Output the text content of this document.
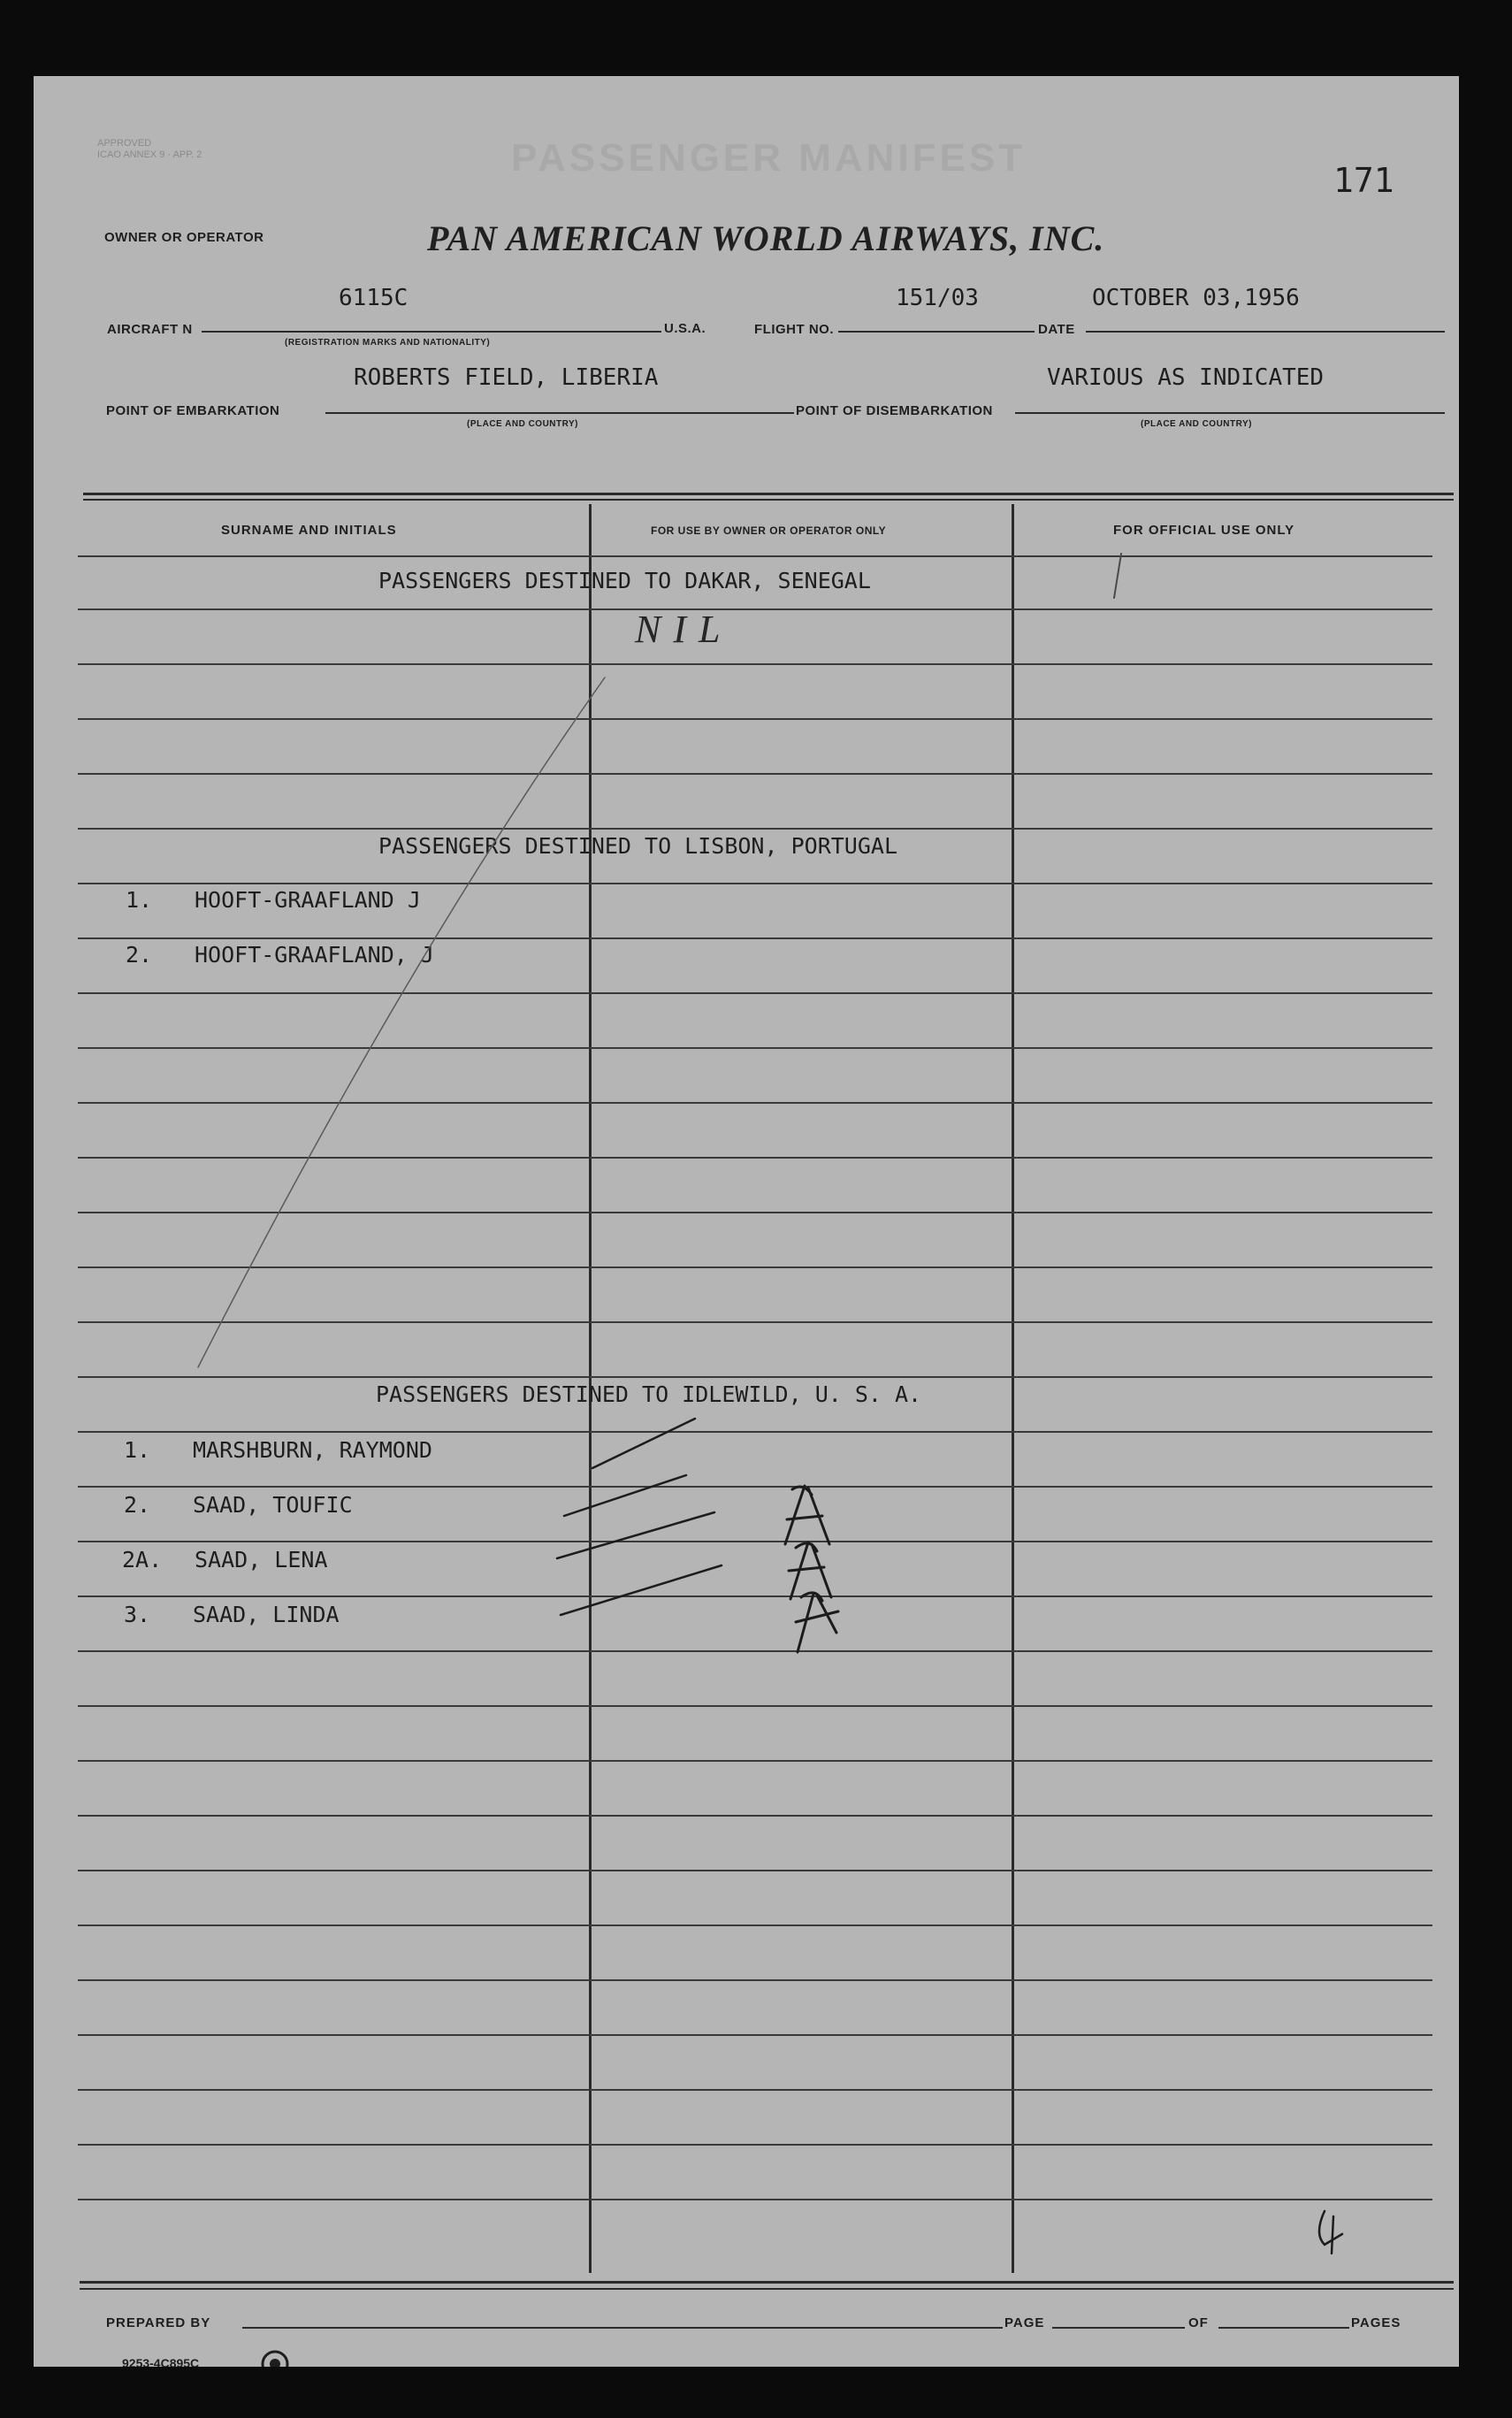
APPROVED
ICAO ANNEX 9 · APP. 2	PASSENGER MANIFEST
171
OWNER OR OPERATOR	PAN AMERICAN WORLD AIRWAYS, INC.
6115C
AIRCRAFT N
(REGISTRATION MARKS AND NATIONALITY)
U.S.A.	FLIGHT NO.
151/03
DATE
OCTOBER 03,1956
ROBERTS FIELD, LIBERIA
POINT OF EMBARKATION
(PLACE AND COUNTRY)
POINT OF DISEMBARKATION
VARIOUS AS INDICATED
(PLACE AND COUNTRY)
SURNAME AND INITIALS	FOR USE BY OWNER OR OPERATOR ONLY	FOR OFFICIAL USE ONLY
PASSENGERS DESTINED TO DAKAR, SENEGAL
NIL
PASSENGERS DESTINED TO LISBON, PORTUGAL
1. HOOFT-GRAAFLAND J
2. HOOFT-GRAAFLAND, J
PASSENGERS DESTINED TO IDLEWILD, U. S. A.
1. MARSHBURN, RAYMOND
2. SAAD, TOUFIC
2A. SAAD, LENA
3. SAAD, LINDA
PREPARED BY	PAGE	OF	PAGES
9253-4C895C
